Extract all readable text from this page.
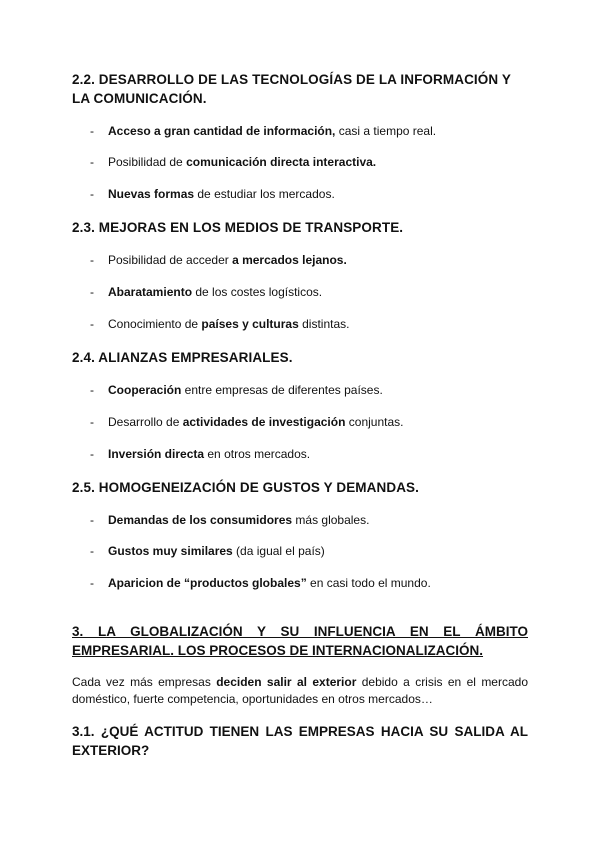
2.2. DESARROLLO DE LAS TECNOLOGÍAS DE LA INFORMACIÓN Y LA COMUNICACIÓN.
- Acceso a gran cantidad de información, casi a tiempo real.
- Posibilidad de comunicación directa interactiva.
- Nuevas formas de estudiar los mercados.
2.3. MEJORAS EN LOS MEDIOS DE TRANSPORTE.
- Posibilidad de acceder a mercados lejanos.
- Abaratamiento de los costes logísticos.
- Conocimiento de países y culturas distintas.
2.4. ALIANZAS EMPRESARIALES.
- Cooperación entre empresas de diferentes países.
- Desarrollo de actividades de investigación conjuntas.
- Inversión directa en otros mercados.
2.5. HOMOGENEIZACIÓN DE GUSTOS Y DEMANDAS.
- Demandas de los consumidores más globales.
- Gustos muy similares (da igual el país)
- Aparicion de “productos globales” en casi todo el mundo.
3. LA GLOBALIZACIÓN Y SU INFLUENCIA EN EL ÁMBITO
EMPRESARIAL. LOS PROCESOS DE INTERNACIONALIZACIÓN.
Cada vez más empresas deciden salir al exterior debido a crisis en el mercado doméstico, fuerte competencia, oportunidades en otros mercados…
3.1. ¿QUÉ ACTITUD TIENEN LAS EMPRESAS HACIA SU SALIDA AL
EXTERIOR?
